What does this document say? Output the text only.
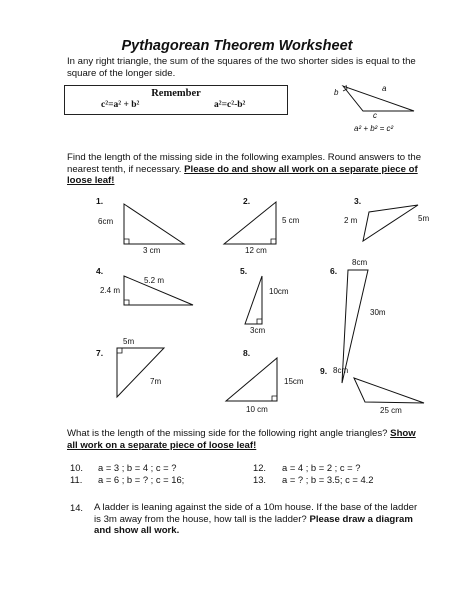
Pythagorean Theorem Worksheet
In any right triangle, the sum of the squares of the two shorter sides is equal to the square of the longer side.
Remember
c²=a² + b²	a²=c²-b²
b	a
c
a² + b² = c²
Find the length of the missing side in the following examples. Round answers to the nearest tenth, if necessary. Please do and show all work on a separate piece of loose leaf!
1.
6cm
3 cm
2.
5 cm
12 cm
3.
2 m	5m
4.
5.2 m
2.4 m
5.
10cm
3cm
6.
8cm
30m
7.
5m
7m
8.
15cm
10 cm
9. 8cm
25 cm
What is the length of the missing side for the following right angle triangles? Show all work on a separate piece of loose leaf!
10. a = 3 ; b = 4 ; c = ?
11. a = 6 ; b = ? ; c = 16;
12. a = 4 ; b = 2 ; c = ?
13. a = ? ; b = 3.5; c = 4.2
14. A ladder is leaning against the side of a 10m house. If the base of the ladder is 3m away from the house, how tall is the ladder? Please draw a diagram and show all work.
